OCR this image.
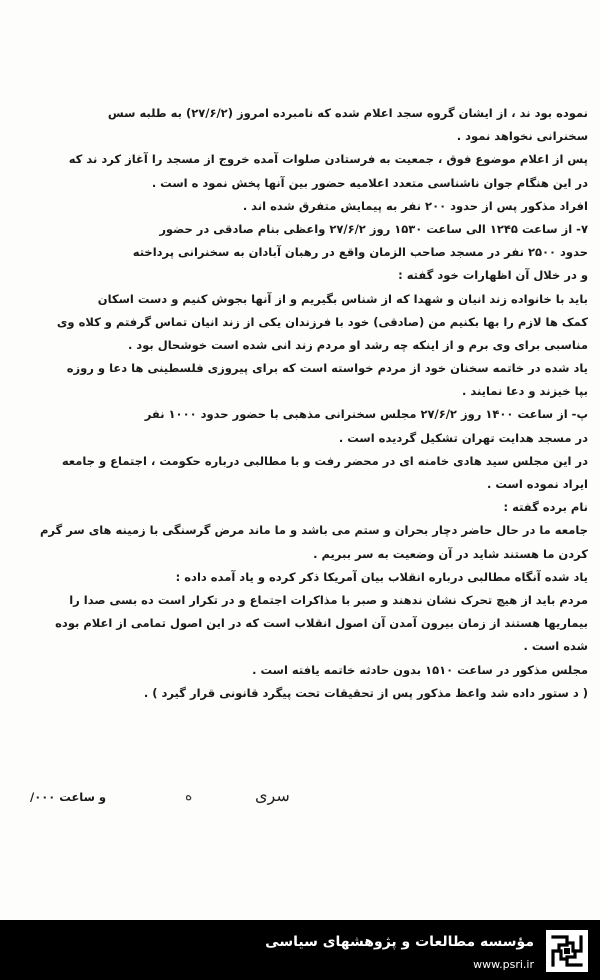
نموده بود ند ، از ایشان گروه سجد اعلام شده که نامبرده امروز (۲۷/۶/۲) به طلبه سس
سخنرانی نخواهد نمود .
پس از اعلام موضوع فوق ، جمعیت به فرستادن صلوات آمده خروج از مسجد را آغاز کرد ند که
در این هنگام جوان ناشناسی متعدد اعلامیه حضور بین آنها پخش نمود ه است .
افراد مذکور پس از حدود ۲۰۰ نفر به پیمایش متفرق شده اند .
۷- از ساعت ۱۲۴۵ الی ساعت ۱۵۳۰ روز ۲۷/۶/۲ واعظی بنام صادقی در حضور
حدود ۲۵۰۰ نفر در مسجد صاحب الزمان واقع در رهبان آبادان به سخنرانی پرداخته
و در خلال آن اظهارات خود گفته :
باید با خانواده زند انیان و شهدا که از شناس بگیریم و از آنها بجوش کنیم و دست اسکان
کمک ها لازم را بها بکنیم من (صادقی) خود با فرزندان یکی از زند انیان تماس گرفتم و کلاه وی
مناسبی برای وی برم و از اینکه چه رشد او مردم زند انی شده است خوشحال بود .
یاد شده در خاتمه سخنان خود از مردم خواسته است که برای پیروزی فلسطینی ها دعا و روزه
بپا خیزند و دعا نمایند .
پ- از ساعت ۱۴۰۰ روز ۲۷/۶/۲ مجلس سخنرانی مذهبی با حضور حدود ۱۰۰۰ نفر
در مسجد هدایت تهران تشکیل گردیده است .
در این مجلس سید هادی خامنه ای در محضر رفت و با مطالبی درباره حکومت ، اجتماع و جامعه
ایراد نموده است .
نام برده گفته :
جامعه ما در حال حاضر دچار بحران و ستم می باشد و ما ماند مرض گرسنگی با زمینه های سر گرم
کردن ما هستند شاید در آن وضعیت به سر ببریم .
یاد شده آنگاه مطالبی درباره انقلاب بیان آمریکا ذکر کرده و یاد آمده داده :
مردم باید از هیچ تحرک نشان ندهند و صبر با مذاکرات اجتماع و در تکرار است ده بسی صدا را
بیماریها هستند از زمان بیرون آمدن آن اصول انقلاب است که در این اصول تمامی از اعلام بوده
شده است .
مجلس مذکور در ساعت ۱۵۱۰ بدون حادثه خاتمه یافته است .
( د ستور داده شد واعظ مذکور پس از تحقیقات تحت پیگرد قانونی قرار گیرد ) .
و ساعت ۰۰۰/	ه	سری
مؤسسه مطالعات و پژوهشهای سیاسی
www.psri.ir
